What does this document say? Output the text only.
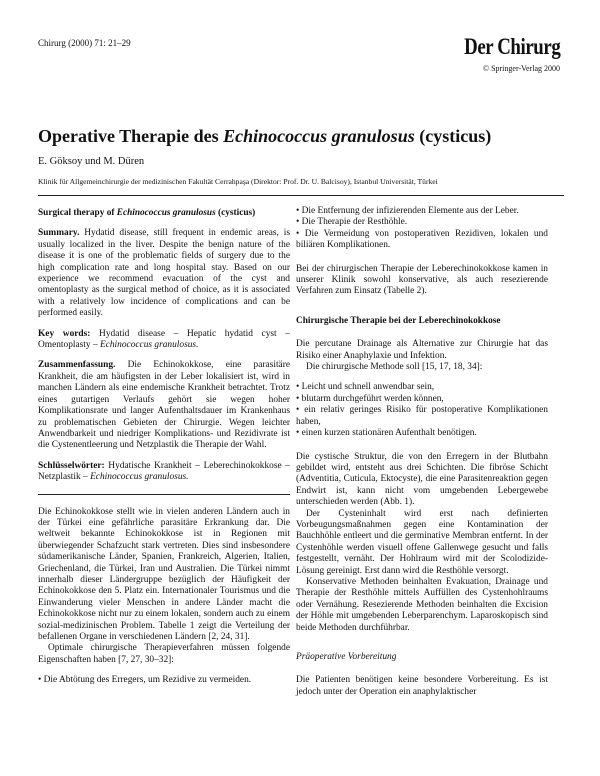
Chirurg (2000) 71: 21–29	Der Chirurg
© Springer-Verlag 2000
Operative Therapie des Echinococcus granulosus (cysticus)
E. Göksoy und M. Düren
Klinik für Allgemeinchirurgie der medizinischen Fakultät Cerrahpaşa (Direktor: Prof. Dr. U. Balcisoy), Istanbul Universität, Türkei

Surgical therapy of Echinococcus granulosus (cysticus)

Summary. Hydatid disease, still frequent in endemic areas, is usually localized in the liver. Despite the benign nature of the disease it is one of the problematic fields of surgery due to the high complication rate and long hospital stay. Based on our experience we recommend evacuation of the cyst and omentoplasty as the surgical method of choice, as it is associated with a relatively low incidence of complications and can be performed easily.

Key words: Hydatid disease – Hepatic hydatid cyst – Omentoplasty – Echinococcus granulosus.

Zusammenfassung. Die Echinokokkose, eine parasitäre Krankheit, die am häufigsten in der Leber lokalisiert ist, wird in manchen Ländern als eine endemische Krankheit betrachtet. Trotz eines gutartigen Verlaufs gehört sie wegen hoher Komplikationsrate und langer Aufenthaltsdauer im Krankenhaus zu problematischen Gebieten der Chirurgie. Wegen leichter Anwendbarkeit und niedriger Komplikations- und Rezidivrate ist die Cystenentleerung und Netzplastik die Therapie der Wahl.

Schlüsselwörter: Hydatische Krankheit – Leberechinokokkose – Netzplastik – Echinococcus granulosus.

Die Echinokokkose stellt wie in vielen anderen Ländern auch in der Türkei eine gefährliche parasitäre Erkrankung dar. Die weltweit bekannte Echinokokkose ist in Regionen mit überwiegender Schafzucht stark vertreten. Dies sind insbesondere südamerikanische Länder, Spanien, Frankreich, Algerien, Italien, Griechenland, die Türkei, Iran und Australien. Die Türkei nimmt innerhalb dieser Ländergruppe bezüglich der Häufigkeit der Echinokokkose den 5. Platz ein. Internationaler Tourismus und die Einwanderung vieler Menschen in andere Länder macht die Echinokokkose nicht nur zu einem lokalen, sondern auch zu einem sozial-medizinischen Problem. Tabelle 1 zeigt die Verteilung der befallenen Organe in verschiedenen Ländern [2, 24, 31].

Optimale chirurgische Therapieverfahren müssen folgende Eigenschaften haben [7, 27, 30–32]:

• Die Abtötung des Erregers, um Rezidive zu vermeiden.

• Die Entfernung der infizierenden Elemente aus der Leber.

• Die Therapie der Resthöhle.

• Die Vermeidung von postoperativen Rezidiven, lokalen und biliären Komplikationen.

Bei der chirurgischen Therapie der Leberechinokokkose kamen in unserer Klinik sowohl konservative, als auch resezierende Verfahren zum Einsatz (Tabelle 2).

Chirurgische Therapie bei der Leberechinokokkose

Die percutane Drainage als Alternative zur Chirurgie hat das Risiko einer Anaphylaxie und Infektion.

Die chirurgische Methode soll [15, 17, 18, 34]:

• Leicht und schnell anwendbar sein,

• blutarm durchgeführt werden können,

• ein relativ geringes Risiko für postoperative Komplikationen haben,

• einen kurzen stationären Aufenthalt benötigen.

Die cystische Struktur, die von den Erregern in der Blutbahn gebildet wird, entsteht aus drei Schichten. Die fibröse Schicht (Adventitia, Cuticula, Ektocyste), die eine Parasitenreaktion gegen Endwirt ist, kann nicht vom umgebenden Lebergewebe unterschieden werden (Abb. 1).

Der Cysteninhalt wird erst nach definierten Vorbeugungsmaßnahmen gegen eine Kontamination der Bauchhöhle entleert und die germinative Membran entfernt. In der Cystenhöhle werden visuell offene Gallenwege gesucht und falls festgestellt, vernäht. Der Hohlraum wird mit der Scolodizide-Lösung gereinigt. Erst dann wird die Resthöhle versorgt.

Konservative Methoden beinhalten Evakuation, Drainage und Therapie der Resthöhle mittels Auffüllen des Cystenhohlraums oder Vernähung. Resezierende Methoden beinhalten die Excision der Höhle mit umgebenden Leberparenchym. Laparoskopisch sind beide Methoden durchführbar.

Präoperative Vorbereitung

Die Patienten benötigen keine besondere Vorbereitung. Es ist jedoch unter der Operation ein anaphylaktischer
